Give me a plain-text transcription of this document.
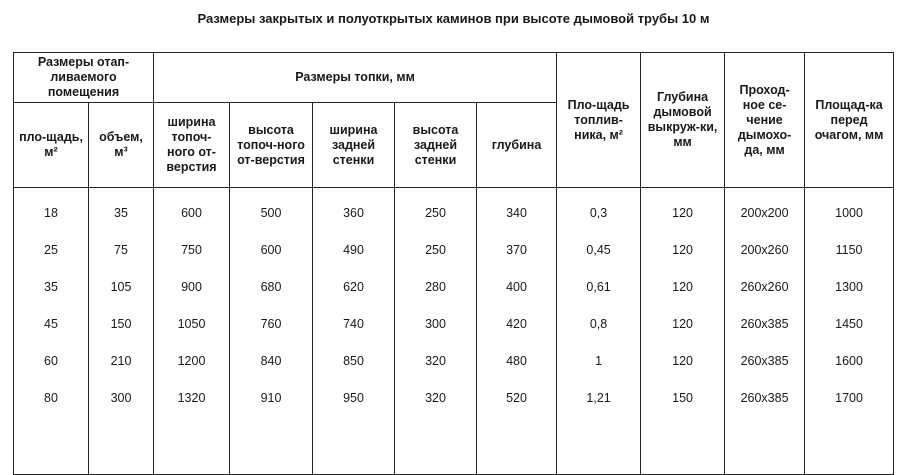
Размеры закрытых и полуоткрытых каминов при высоте дымовой трубы 10 м
Размеры отап-ливаемого помещения		Размеры топки, мм					Пло-щадь топлив-ника, м²	Глубина дымовой выкруж-ки, мм	Проход-ное се-чение дымохо-да, мм	Площад-ка перед очагом, мм
пло-щадь, м²	объем, м³	ширина топоч-ного от-верстия	высота топоч-ного от-верстия	ширина задней стенки	высота задней стенки	глубина				
18	35	600	500	360	250	340	0,3	120	200x200	1000
25	75	750	600	490	250	370	0,45	120	200x260	1150
35	105	900	680	620	280	400	0,61	120	260x260	1300
45	150	1050	760	740	300	420	0,8	120	260x385	1450
60	210	1200	840	850	320	480	1	120	260x385	1600
80	300	1320	910	950	320	520	1,21	150	260x385	1700
